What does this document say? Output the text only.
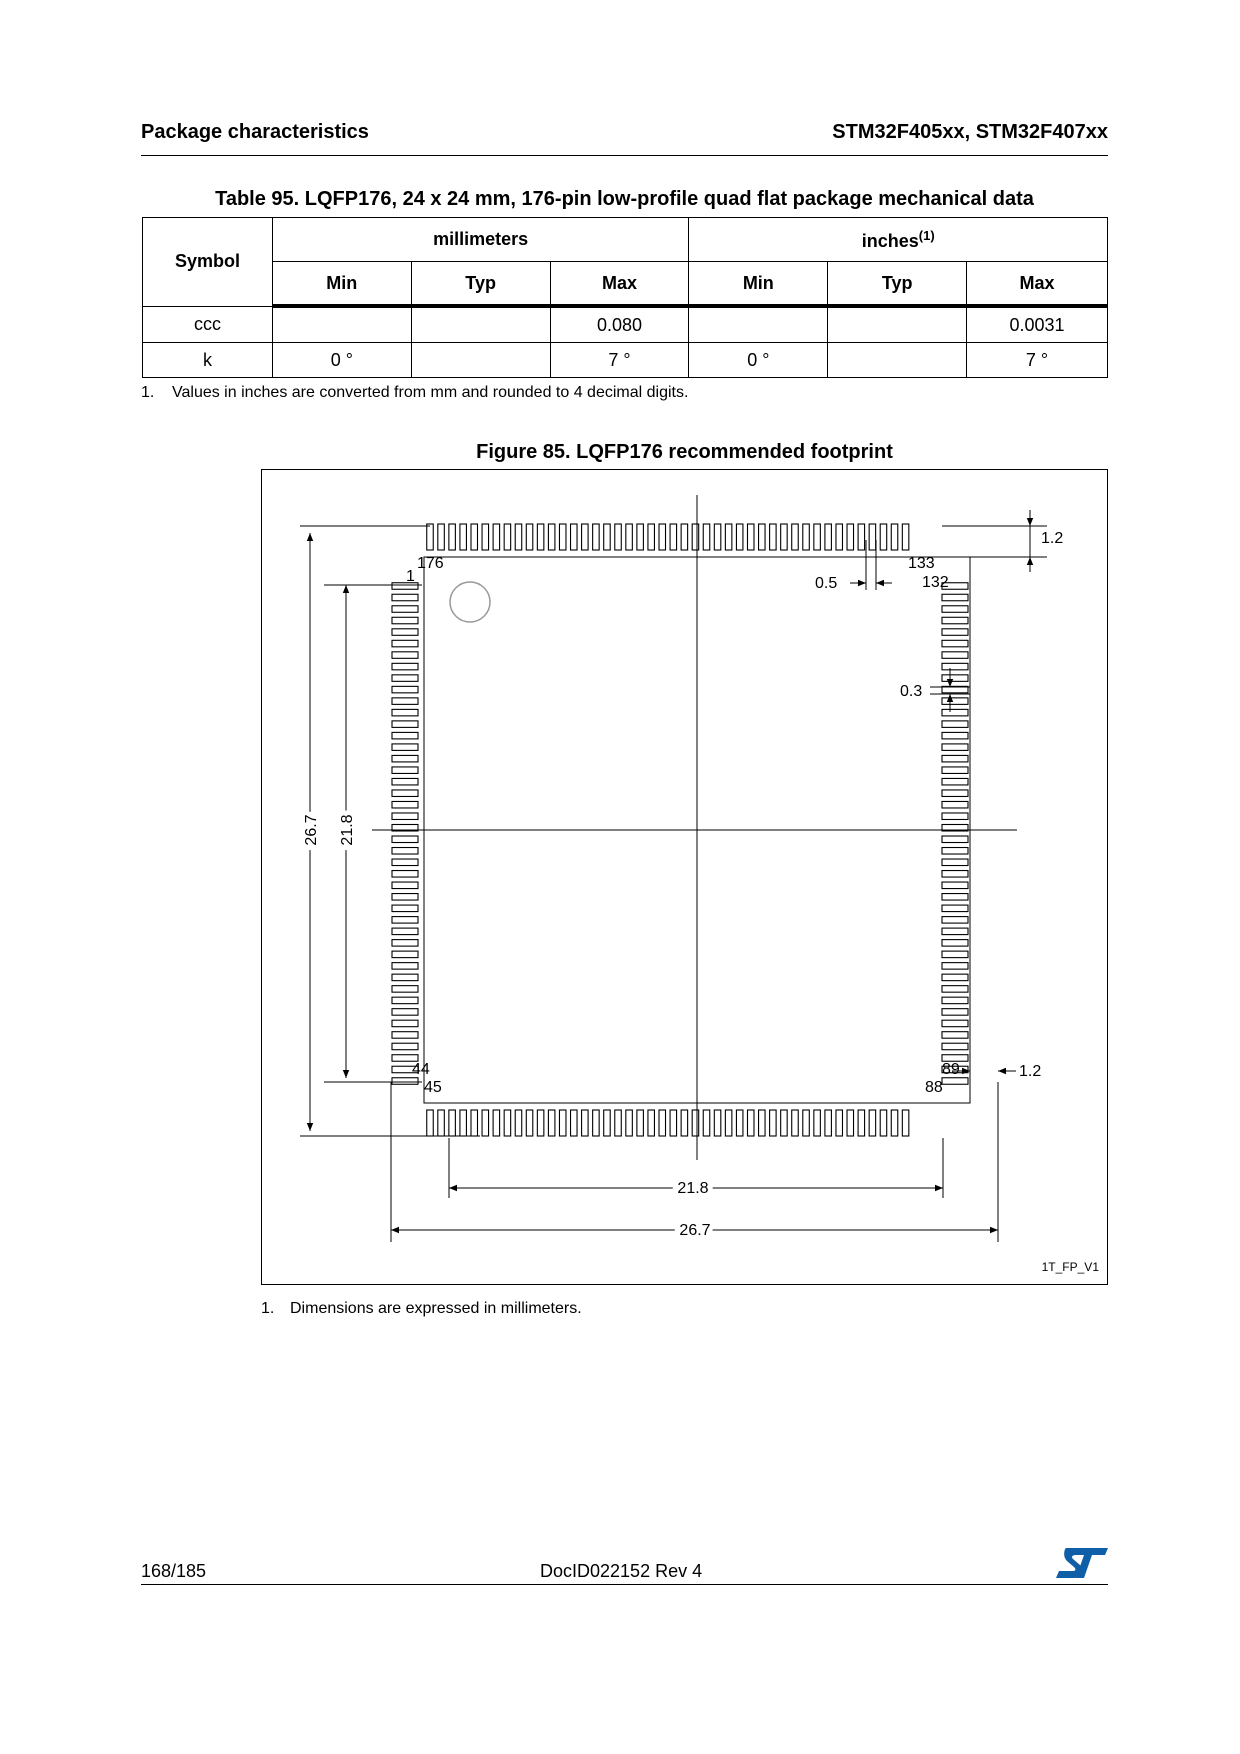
Package characteristics	STM32F405xx, STM32F407xx
Table 95. LQFP176, 24 x 24 mm, 176-pin low-profile quad flat package mechanical data
Symbol	millimeters			inches$^{(1)}$
	Min	Typ	Max	Min	Typ	Max
ccc			0.080			0.0031
k	0 °		7 °	0 °		7 °
1. Values in inches are converted from mm and rounded to 4 decimal digits.
Figure 85. LQFP176 recommended footprint
1
176	133
132
44
45
89
88
1.2
0.5
0.3
1.2
21.8
26.7
26.7 21.8
1T_FP_V1
1. Dimensions are expressed in millimeters.
168/185	DocID022152 Rev 4
